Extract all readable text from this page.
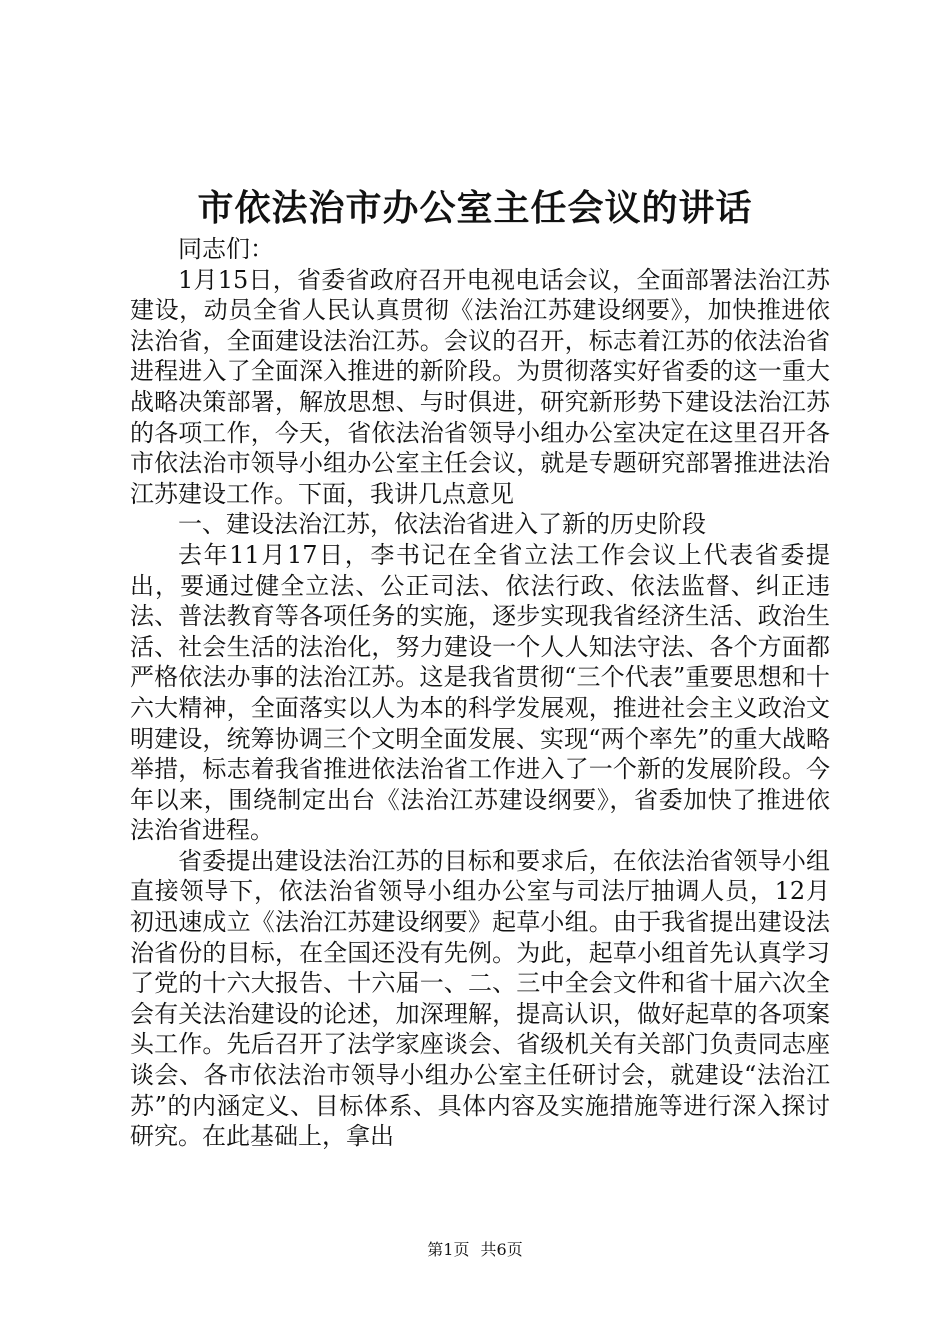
市依法治市办公室主任会议的讲话

同志们：

1月15日，省委省政府召开电视电话会议，全面部署法治江苏建设，动员全省人民认真贯彻《法治江苏建设纲要》，加快推进依法治省，全面建设法治江苏。会议的召开，标志着江苏的依法治省进程进入了全面深入推进的新阶段。为贯彻落实好省委的这一重大战略决策部署，解放思想、与时俱进，研究新形势下建设法治江苏的各项工作，今天，省依法治省领导小组办公室决定在这里召开各市依法治市领导小组办公室主任会议，就是专题研究部署推进法治江苏建设工作。下面，我讲几点意见

一、建设法治江苏，依法治省进入了新的历史阶段

去年11月17日，李书记在全省立法工作会议上代表省委提出，要通过健全立法、公正司法、依法行政、依法监督、纠正违法、普法教育等各项任务的实施，逐步实现我省经济生活、政治生活、社会生活的法治化，努力建设一个人人知法守法、各个方面都严格依法办事的法治江苏。这是我省贯彻“三个代表”重要思想和十六大精神，全面落实以人为本的科学发展观，推进社会主义政治文明建设，统筹协调三个文明全面发展、实现“两个率先”的重大战略举措，标志着我省推进依法治省工作进入了一个新的发展阶段。今年以来，围绕制定出台《法治江苏建设纲要》，省委加快了推进依法治省进程。

省委提出建设法治江苏的目标和要求后，在依法治省领导小组直接领导下，依法治省领导小组办公室与司法厅抽调人员，12月初迅速成立《法治江苏建设纲要》起草小组。由于我省提出建设法治省份的目标，在全国还没有先例。为此，起草小组首先认真学习了党的十六大报告、十六届一、二、三中全会文件和省十届六次全会有关法治建设的论述，加深理解，提高认识，做好起草的各项案头工作。先后召开了法学家座谈会、省级机关有关部门负责同志座谈会、各市依法治市领导小组办公室主任研讨会，就建设“法治江苏”的内涵定义、目标体系、具体内容及实施措施等进行深入探讨研究。在此基础上，拿出

第1页 共6页
